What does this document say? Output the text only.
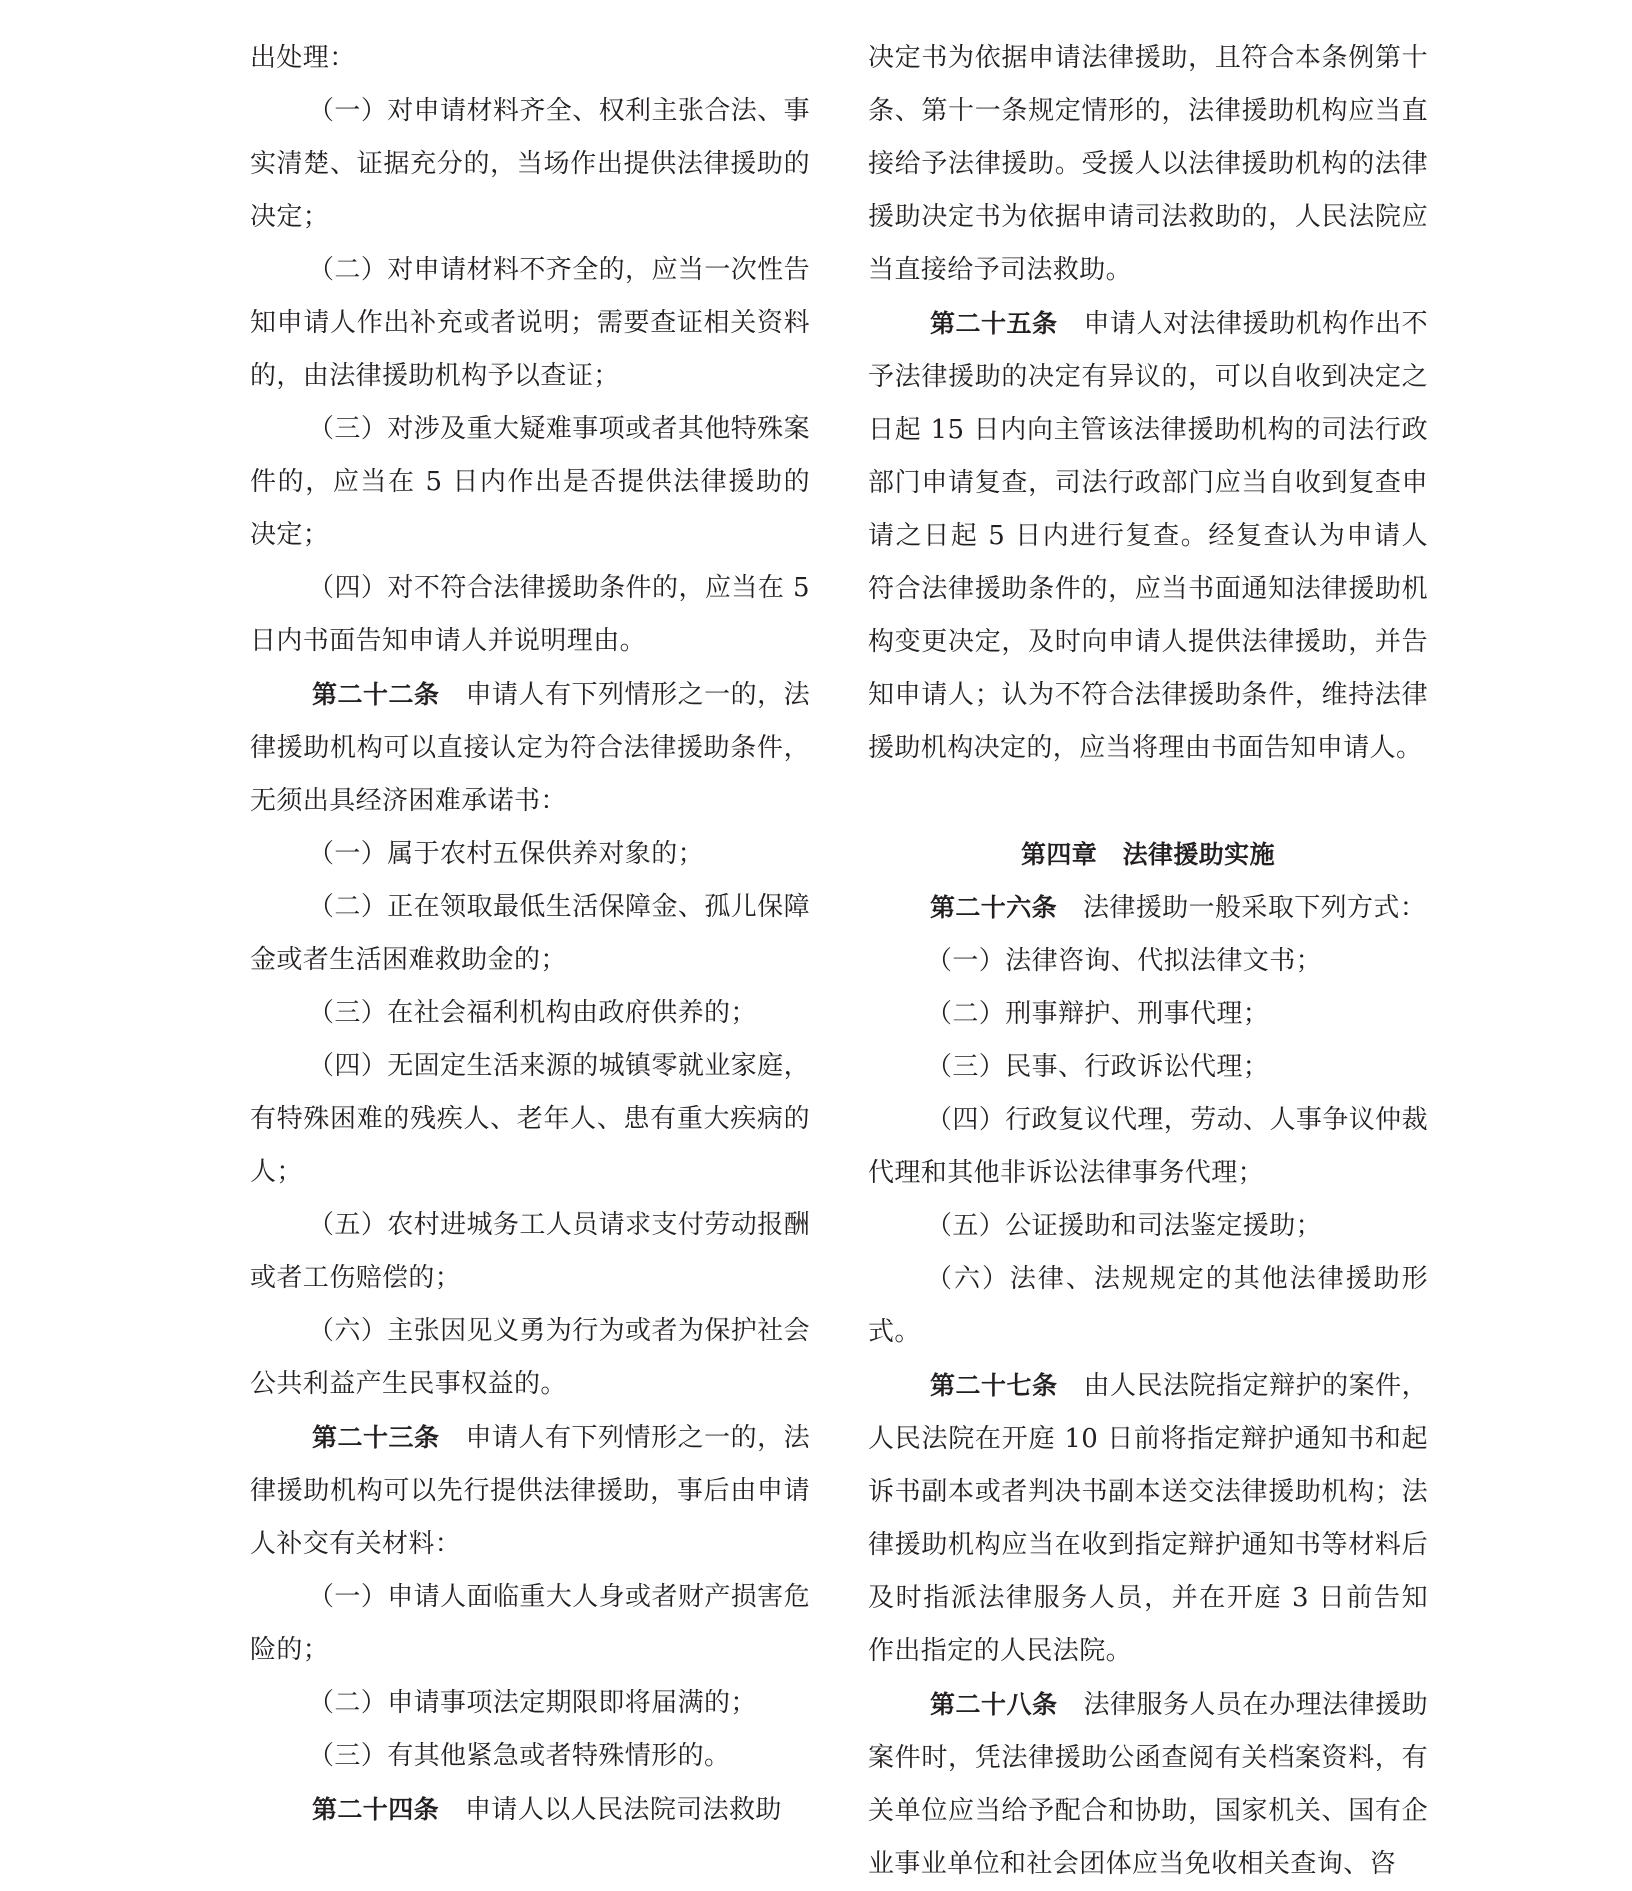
出处理：

（一）对申请材料齐全、权利主张合法、事实清楚、证据充分的，当场作出提供法律援助的决定；

（二）对申请材料不齐全的，应当一次性告知申请人作出补充或者说明；需要查证相关资料的，由法律援助机构予以查证；

（三）对涉及重大疑难事项或者其他特殊案件的，应当在 5 日内作出是否提供法律援助的决定；

（四）对不符合法律援助条件的，应当在 5 日内书面告知申请人并说明理由。

第二十二条 申请人有下列情形之一的，法律援助机构可以直接认定为符合法律援助条件，无须出具经济困难承诺书：

（一）属于农村五保供养对象的；

（二）正在领取最低生活保障金、孤儿保障金或者生活困难救助金的；

（三）在社会福利机构由政府供养的；

（四）无固定生活来源的城镇零就业家庭，有特殊困难的残疾人、老年人、患有重大疾病的人；

（五）农村进城务工人员请求支付劳动报酬或者工伤赔偿的；

（六）主张因见义勇为行为或者为保护社会公共利益产生民事权益的。

第二十三条 申请人有下列情形之一的，法律援助机构可以先行提供法律援助，事后由申请人补交有关材料：

（一）申请人面临重大人身或者财产损害危险的；

（二）申请事项法定期限即将届满的；

（三）有其他紧急或者特殊情形的。

第二十四条 申请人以人民法院司法救助

决定书为依据申请法律援助，且符合本条例第十条、第十一条规定情形的，法律援助机构应当直接给予法律援助。受援人以法律援助机构的法律援助决定书为依据申请司法救助的，人民法院应当直接给予司法救助。

第二十五条 申请人对法律援助机构作出不予法律援助的决定有异议的，可以自收到决定之日起 15 日内向主管该法律援助机构的司法行政部门申请复查，司法行政部门应当自收到复查申请之日起 5 日内进行复查。经复查认为申请人符合法律援助条件的，应当书面通知法律援助机构变更决定，及时向申请人提供法律援助，并告知申请人；认为不符合法律援助条件，维持法律援助机构决定的，应当将理由书面告知申请人。

第四章　法律援助实施

第二十六条 法律援助一般采取下列方式：

（一）法律咨询、代拟法律文书；

（二）刑事辩护、刑事代理；

（三）民事、行政诉讼代理；

（四）行政复议代理，劳动、人事争议仲裁代理和其他非诉讼法律事务代理；

（五）公证援助和司法鉴定援助；

（六）法律、法规规定的其他法律援助形式。

第二十七条 由人民法院指定辩护的案件，人民法院在开庭 10 日前将指定辩护通知书和起诉书副本或者判决书副本送交法律援助机构；法律援助机构应当在收到指定辩护通知书等材料后及时指派法律服务人员，并在开庭 3 日前告知作出指定的人民法院。

第二十八条 法律服务人员在办理法律援助案件时，凭法律援助公函查阅有关档案资料，有关单位应当给予配合和协助，国家机关、国有企业事业单位和社会团体应当免收相关查询、咨
